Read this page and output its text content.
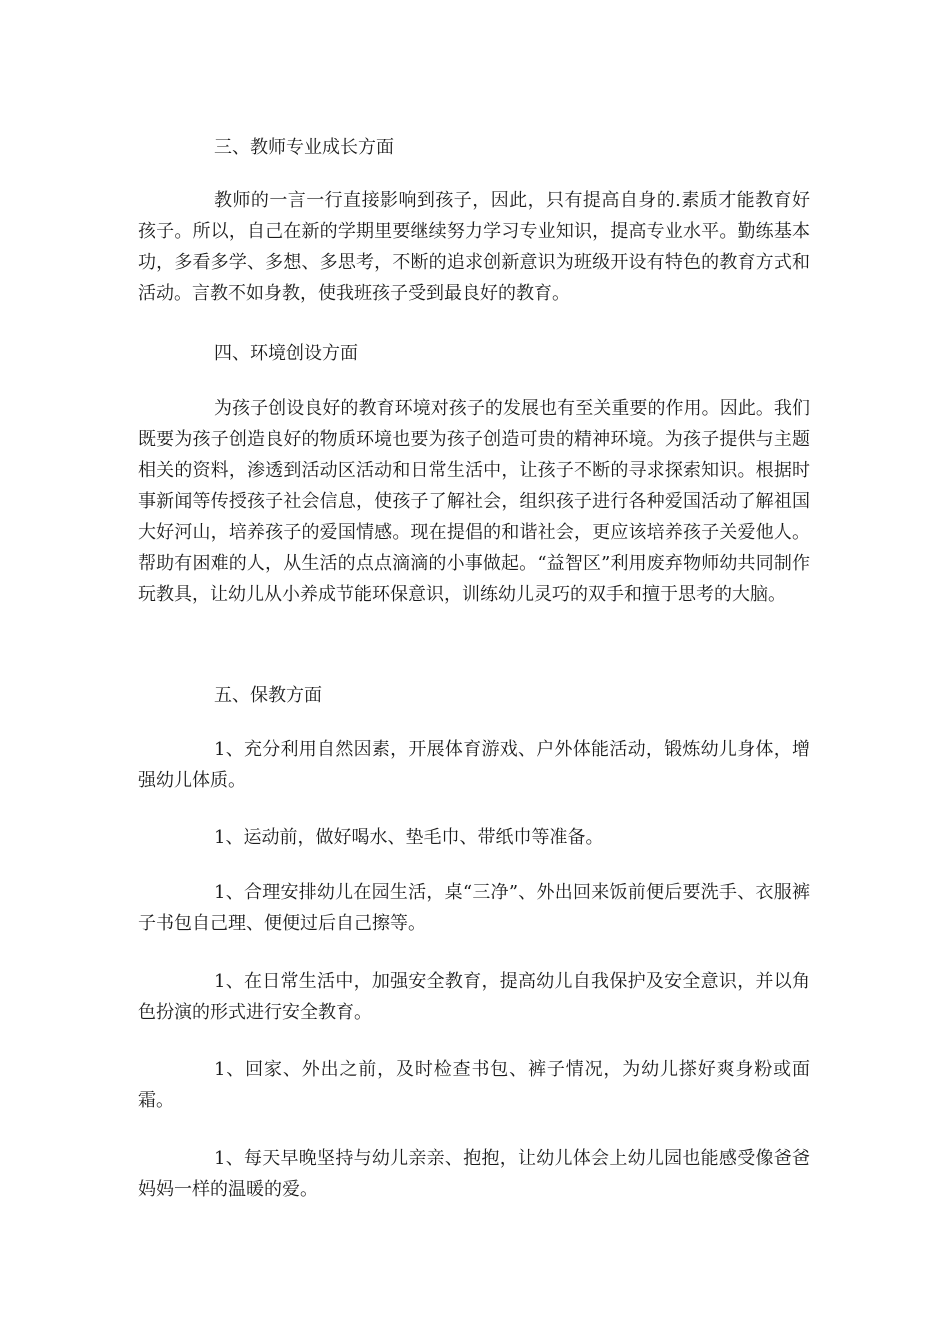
三、教师专业成长方面

教师的一言一行直接影响到孩子，因此，只有提高自身的.素质才能教育好孩子。所以，自己在新的学期里要继续努力学习专业知识，提高专业水平。勤练基本功，多看多学、多想、多思考，不断的追求创新意识为班级开设有特色的教育方式和活动。言教不如身教，使我班孩子受到最良好的教育。

四、环境创设方面

为孩子创设良好的教育环境对孩子的发展也有至关重要的作用。因此。我们既要为孩子创造良好的物质环境也要为孩子创造可贵的精神环境。为孩子提供与主题相关的资料，渗透到活动区活动和日常生活中，让孩子不断的寻求探索知识。根据时事新闻等传授孩子社会信息，使孩子了解社会，组织孩子进行各种爱国活动了解祖国大好河山，培养孩子的爱国情感。现在提倡的和谐社会，更应该培养孩子关爱他人。帮助有困难的人，从生活的点点滴滴的小事做起。“益智区”利用废弃物师幼共同制作玩教具，让幼儿从小养成节能环保意识，训练幼儿灵巧的双手和擅于思考的大脑。

五、保教方面

1、充分利用自然因素，开展体育游戏、户外体能活动，锻炼幼儿身体，增强幼儿体质。

1、运动前，做好喝水、垫毛巾、带纸巾等准备。

1、合理安排幼儿在园生活，桌“三净”、外出回来饭前便后要洗手、衣服裤子书包自己理、便便过后自己擦等。

1、在日常生活中，加强安全教育，提高幼儿自我保护及安全意识，并以角色扮演的形式进行安全教育。

1、回家、外出之前，及时检查书包、裤子情况，为幼儿搽好爽身粉或面霜。

1、每天早晚坚持与幼儿亲亲、抱抱，让幼儿体会上幼儿园也能感受像爸爸妈妈一样的温暖的爱。
